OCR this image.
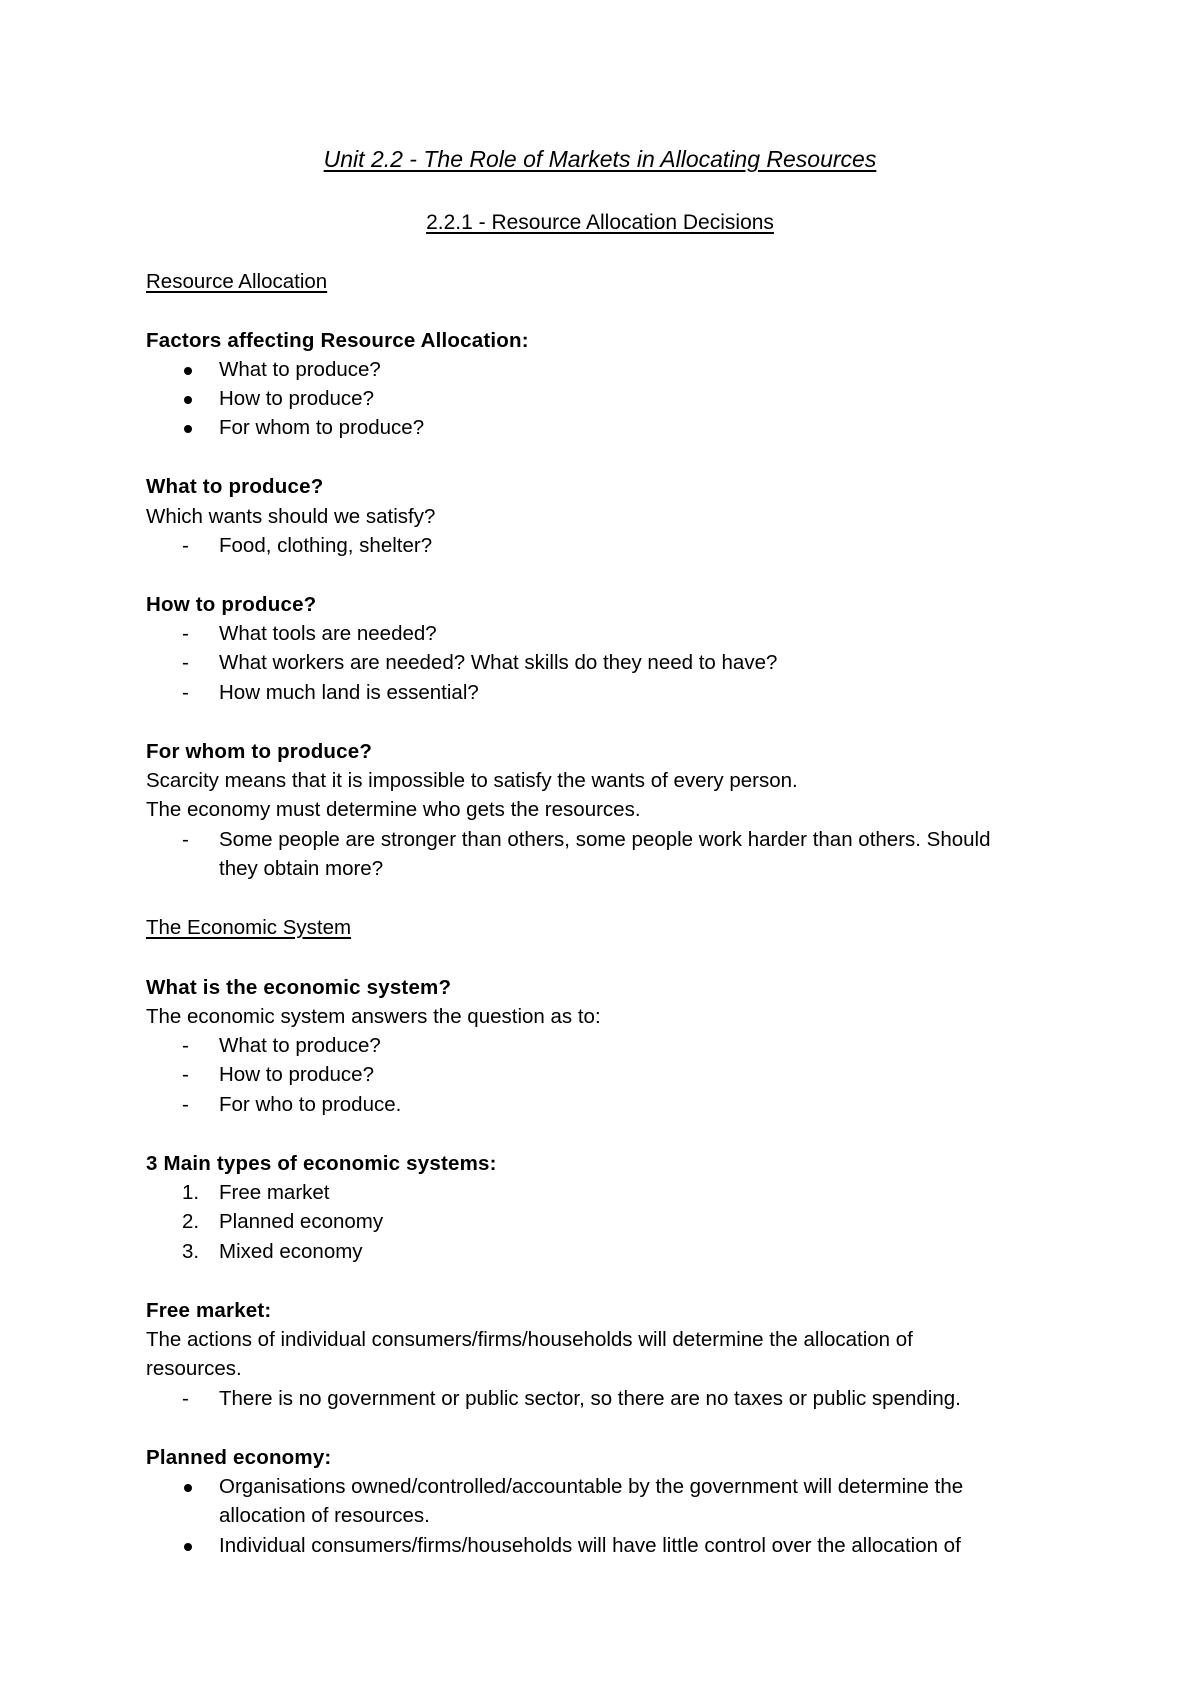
Unit 2.2 - The Role of Markets in Allocating Resources
2.2.1 - Resource Allocation Decisions
Resource Allocation
Factors affecting Resource Allocation:
What to produce?
How to produce?
For whom to produce?
What to produce?
Which wants should we satisfy?
-	Food, clothing, shelter?
How to produce?
-	What tools are needed?
-	What workers are needed? What skills do they need to have?
-	How much land is essential?
For whom to produce?
Scarcity means that it is impossible to satisfy the wants of every person.
The economy must determine who gets the resources.
-	Some people are stronger than others, some people work harder than others. Should
they obtain more?
The Economic System
What is the economic system?
The economic system answers the question as to:
-	What to produce?
-	How to produce?
-	For who to produce.
3 Main types of economic systems:
1. Free market
2. Planned economy
3. Mixed economy
Free market:
The actions of individual consumers/firms/households will determine the allocation of
resources.
-	There is no government or public sector, so there are no taxes or public spending.
Planned economy:
Organisations owned/controlled/accountable by the government will determine the
allocation of resources.
Individual consumers/firms/households will have little control over the allocation of
